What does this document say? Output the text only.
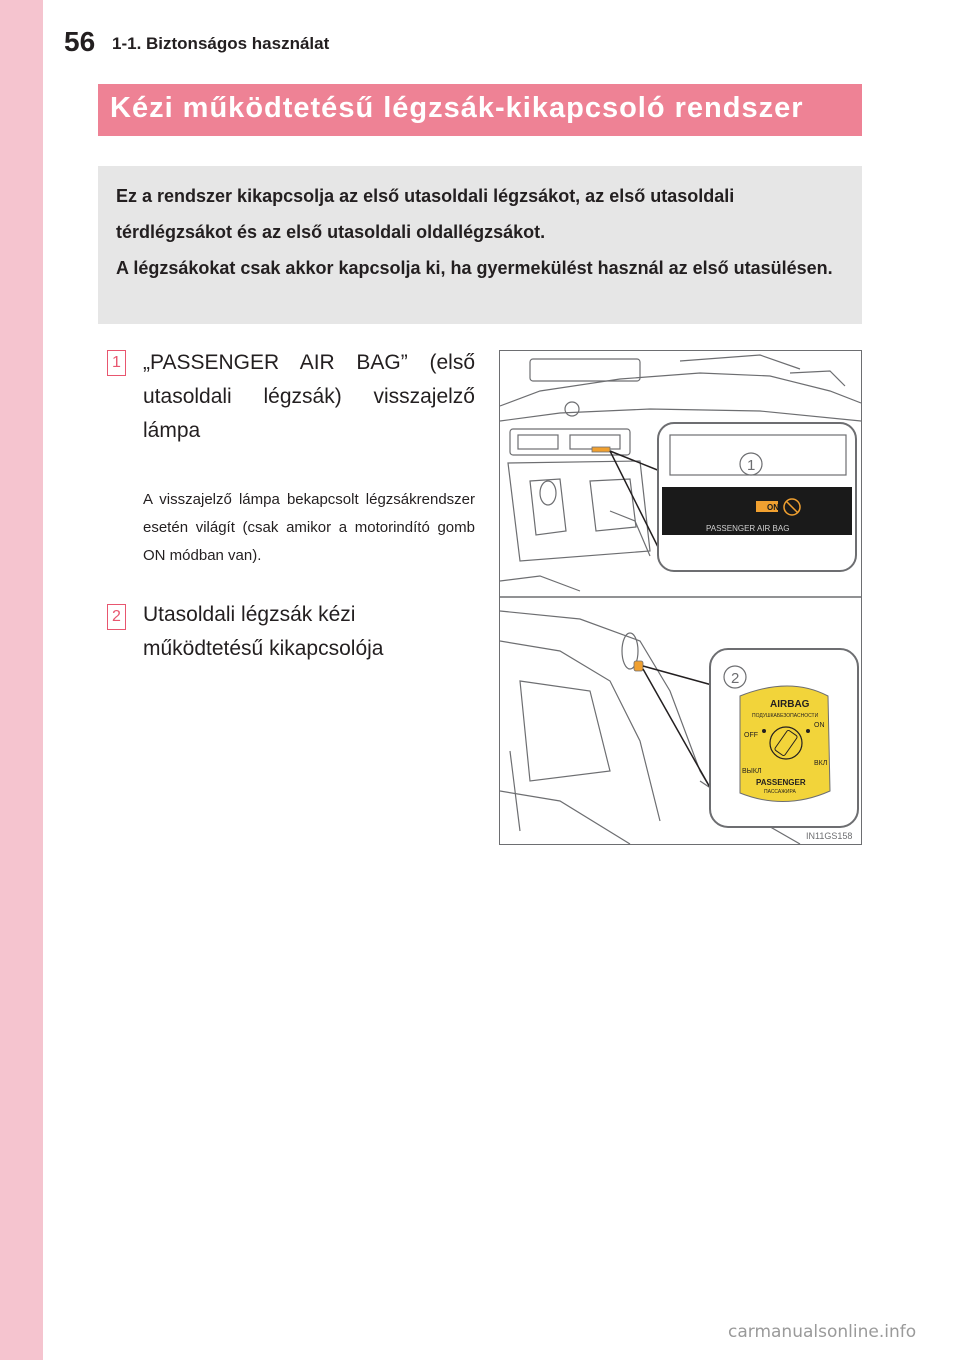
56 1-1. Biztonságos használat
Kézi működtetésű légzsák-kikapcsoló rendszer

Ez a rendszer kikapcsolja az első utasoldali légzsákot, az első utasoldali térdlégzsákot és az első utasoldali oldallégzsákot.

A légzsákokat csak akkor kapcsolja ki, ha gyermekülést használ az első utasülésen.

1 „PASSENGER AIR BAG” (első utasoldali légzsák) visszajelző lámpa
A visszajelző lámpa bekapcsolt légzsákrendszer esetén világít (csak amikor a motorindító gomb ON módban van).
2 Utasoldali légzsák kézi működtetésű kikapcsolója
ON
PASSENGER AIR BAG
1
AIRBAG
ПОДУШКАБЕЗОПАСНОСТИ
OFF
ON
ВЫКЛ
ВКЛ
PASSENGER
ПАССАЖИРА
2
IN11GS158
carmanualsonline.info
